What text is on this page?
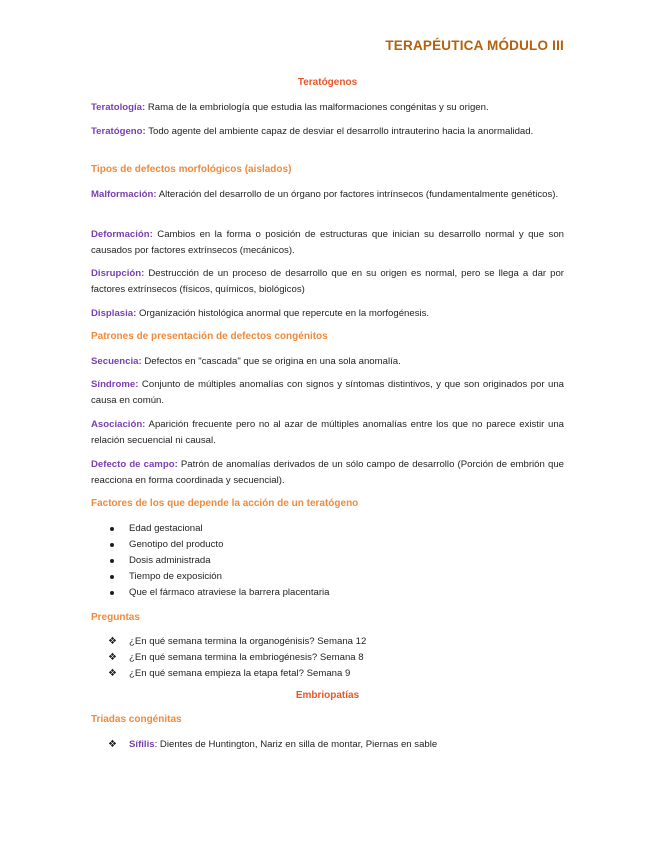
TERAPÉUTICA MÓDULO III
Teratógenos
Teratología: Rama de la embriología que estudia las malformaciones congénitas y su origen.
Teratógeno: Todo agente del ambiente capaz de desviar el desarrollo intrauterino hacia la anormalidad.
Tipos de defectos morfológicos (aislados)
Malformación: Alteración del desarrollo de un órgano por factores intrínsecos (fundamentalmente genéticos).
Deformación: Cambios en la forma o posición de estructuras que inician su desarrollo normal y que son causados por factores extrínsecos (mecánicos).
Disrupción: Destrucción de un proceso de desarrollo que en su origen es normal, pero se llega a dar por factores extrínsecos (físicos, químicos, biológicos)
Displasia: Organización histológica anormal que repercute en la morfogénesis.
Patrones de presentación de defectos congénitos
Secuencia: Defectos en "cascada" que se origina en una sola anomalía.
Síndrome: Conjunto de múltiples anomalías con signos y síntomas distintivos, y que son originados por una causa en común.
Asociación: Aparición frecuente pero no al azar de múltiples anomalías entre los que no parece existir una relación secuencial ni causal.
Defecto de campo: Patrón de anomalías derivados de un sólo campo de desarrollo (Porción de embrión que reacciona en forma coordinada y secuencial).
Factores de los que depende la acción de un teratógeno
Edad gestacional
Genotipo del producto
Dosis administrada
Tiempo de exposición
Que el fármaco atraviese la barrera placentaria
Preguntas
❖ ¿En qué semana termina la organogénisis? Semana 12
❖ ¿En qué semana termina la embriogénesis? Semana 8
❖ ¿En qué semana empieza la etapa fetal? Semana 9
Embriopatías
Triadas congénitas
❖ Sífilis: Dientes de Huntington, Nariz en silla de montar, Piernas en sable
